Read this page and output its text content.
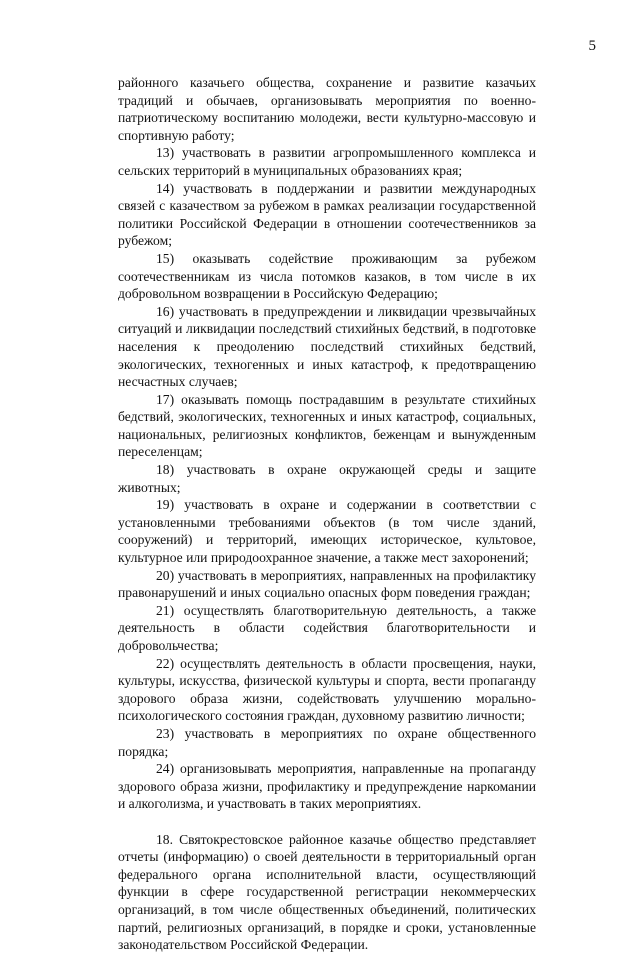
5

районного казачьего общества, сохранение и развитие казачьих традиций и обычаев, организовывать мероприятия по военно-патриотическому воспитанию молодежи, вести культурно-массовую и спортивную работу;

13) участвовать в развитии агропромышленного комплекса и сельских территорий в муниципальных образованиях края;

14) участвовать в поддержании и развитии международных связей с казачеством за рубежом в рамках реализации государственной политики Российской Федерации в отношении соотечественников за рубежом;

15) оказывать содействие проживающим за рубежом соотечественникам из числа потомков казаков, в том числе в их добровольном возвращении в Российскую Федерацию;

16) участвовать в предупреждении и ликвидации чрезвычайных ситуаций и ликвидации последствий стихийных бедствий, в подготовке населения к преодолению последствий стихийных бедствий, экологических, техногенных и иных катастроф, к предотвращению несчастных случаев;

17) оказывать помощь пострадавшим в результате стихийных бедствий, экологических, техногенных и иных катастроф, социальных, национальных, религиозных конфликтов, беженцам и вынужденным переселенцам;

18) участвовать в охране окружающей среды и защите животных;

19) участвовать в охране и содержании в соответствии с установленными требованиями объектов (в том числе зданий, сооружений) и территорий, имеющих историческое, культовое, культурное или природоохранное значение, а также мест захоронений;

20) участвовать в мероприятиях, направленных на профилактику правонарушений и иных социально опасных форм поведения граждан;

21) осуществлять благотворительную деятельность, а также деятельность в области содействия благотворительности и добровольчества;

22) осуществлять деятельность в области просвещения, науки, культуры, искусства, физической культуры и спорта, вести пропаганду здорового образа жизни, содействовать улучшению морально-психологического состояния граждан, духовному развитию личности;

23) участвовать в мероприятиях по охране общественного порядка;

24) организовывать мероприятия, направленные на пропаганду здорового образа жизни, профилактику и предупреждение наркомании и алкоголизма, и участвовать в таких мероприятиях.

18. Святокрестовское районное казачье общество представляет отчеты (информацию) о своей деятельности в территориальный орган федерального органа исполнительной власти, осуществляющий функции в сфере государственной регистрации некоммерческих организаций, в том числе общественных объединений, политических партий, религиозных организаций, в порядке и сроки, установленные законодательством Российской Федерации.
